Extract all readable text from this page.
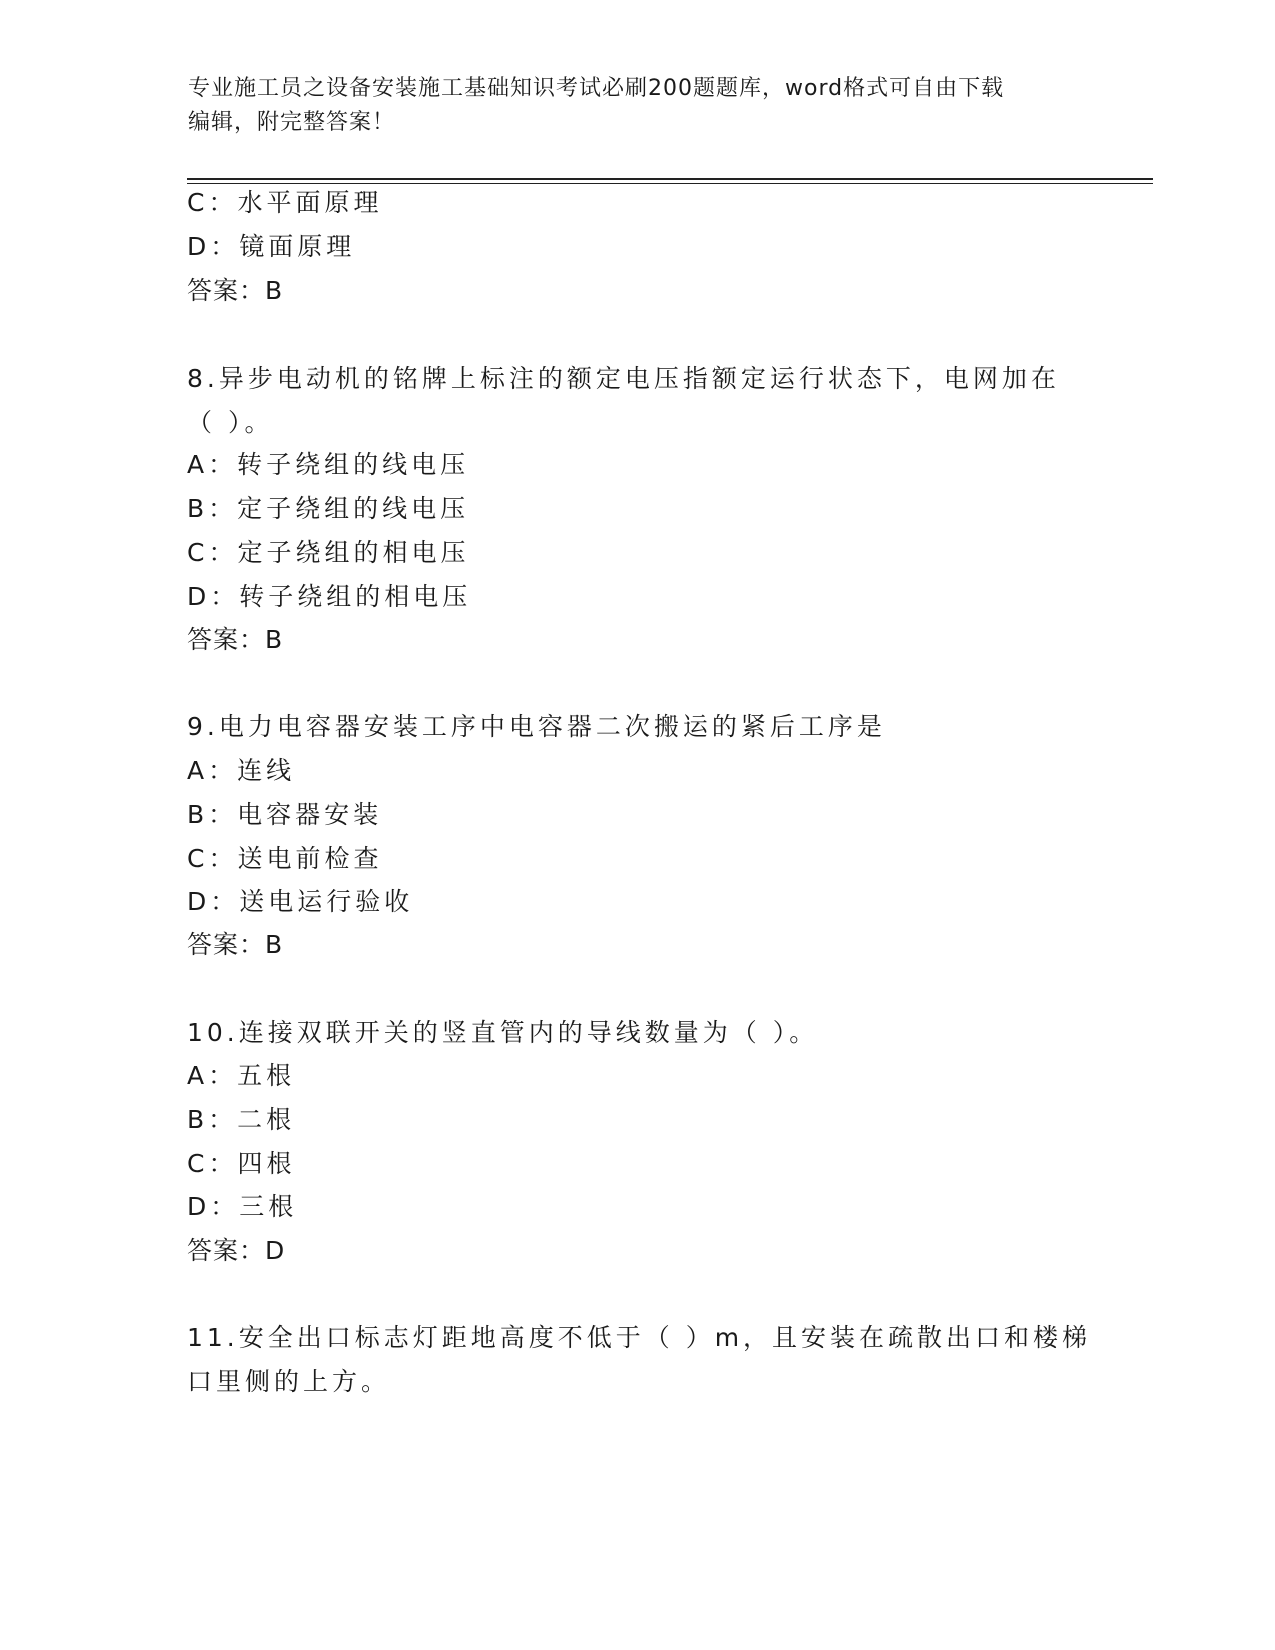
专业施工员之设备安装施工基础知识考试必刷200题题库，word格式可自由下载
编辑，附完整答案！
C：水平面原理
D：镜面原理
答案：B
8.异步电动机的铭牌上标注的额定电压指额定运行状态下，电网加在
（ ）。
A：转子绕组的线电压
B：定子绕组的线电压
C：定子绕组的相电压
D：转子绕组的相电压
答案：B
9.电力电容器安装工序中电容器二次搬运的紧后工序是
A：连线
B：电容器安装
C：送电前检查
D：送电运行验收
答案：B
10.连接双联开关的竖直管内的导线数量为（ ）。
A：五根
B：二根
C：四根
D：三根
答案：D
11.安全出口标志灯距地高度不低于（ ）m，且安装在疏散出口和楼梯
口里侧的上方。
